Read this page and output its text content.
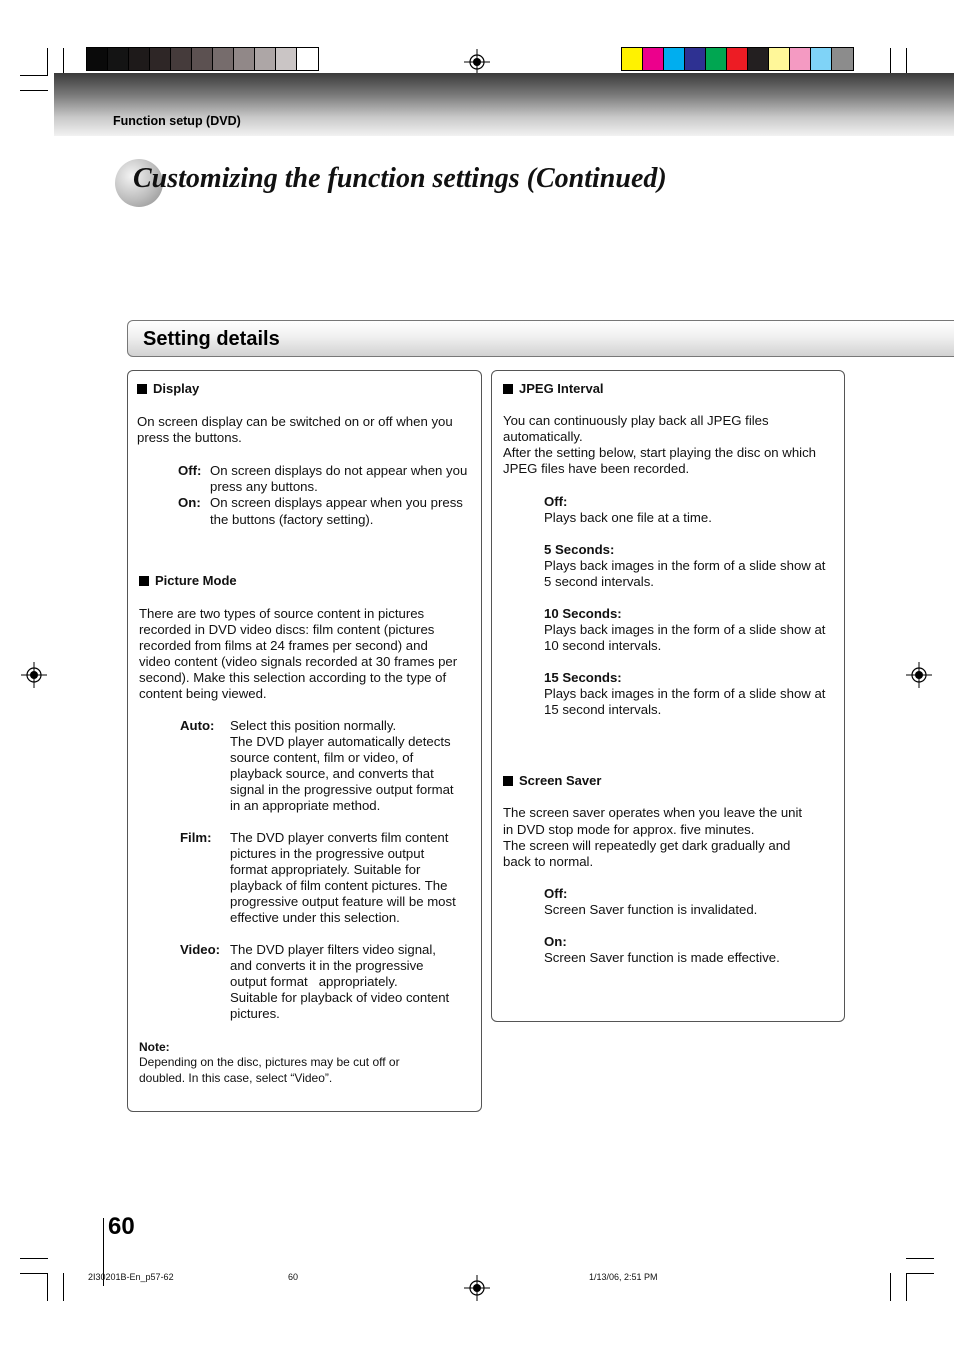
Function setup (DVD)
Customizing the function settings (Continued)
Setting details
Display
On screen display can be switched on or off when you
press the buttons.
Off: On screen displays do not appear when you
press any buttons.
On: On screen displays appear when you press
the buttons (factory setting).
Picture Mode
There are two types of source content in pictures
recorded in DVD video discs: film content (pictures
recorded from films at 24 frames per second) and
video content (video signals recorded at 30 frames per
second). Make this selection according to the type of
content being viewed.
Auto: Select this position normally.
The DVD player automatically detects
source content, film or video, of
playback source, and converts that
signal in the progressive output format
in an appropriate method.
Film: The DVD player converts film content
pictures in the progressive output
format appropriately. Suitable for
playback of film content pictures. The
progressive output feature will be most
effective under this selection.
Video: The DVD player filters video signal,
and converts it in the progressive
output format   appropriately.
Suitable for playback of video content
pictures.
Note:
Depending on the disc, pictures may be cut off or
doubled. In this case, select “Video”.
JPEG Interval
You can continuously play back all JPEG files
automatically.
After the setting below, start playing the disc on which
JPEG files have been recorded.
Off:
Plays back one file at a time.
5 Seconds:
Plays back images in the form of a slide show at
5 second intervals.
10 Seconds:
Plays back images in the form of a slide show at
10 second intervals.
15 Seconds:
Plays back images in the form of a slide show at
15 second intervals.
Screen Saver
The screen saver operates when you leave the unit
in DVD stop mode for approx. five minutes.
The screen will repeatedly get dark gradually and
back to normal.
Off:
Screen Saver function is invalidated.
On:
Screen Saver function is made effective.
60
2I30201B-En_p57-62	60	1/13/06, 2:51 PM
